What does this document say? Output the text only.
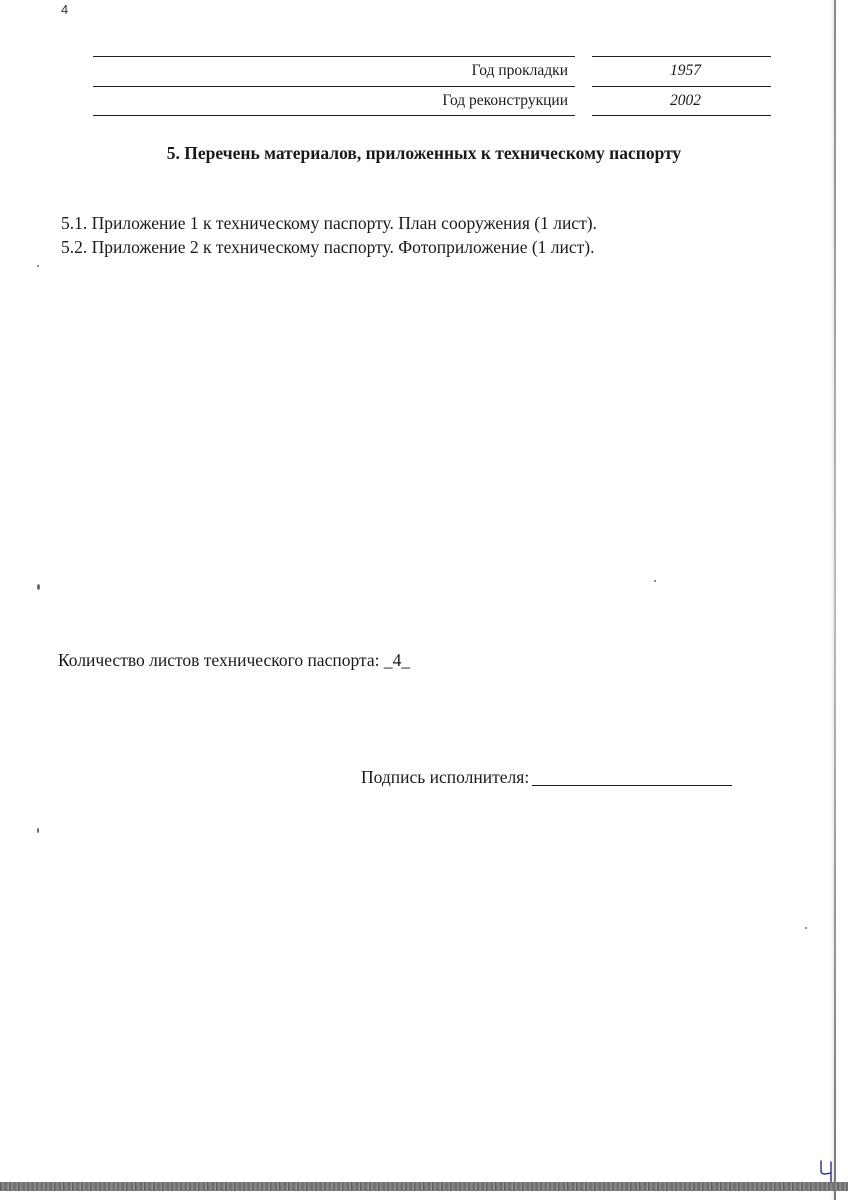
4
Год прокладки	1957
Год реконструкции	2002
5. Перечень материалов, приложенных к техническому паспорту
5.1. Приложение 1 к техническому паспорту. План сооружения (1 лист).
5.2. Приложение 2 к техническому паспорту. Фотоприложение (1 лист).
Количество листов технического паспорта: _4_
Подпись исполнителя:
